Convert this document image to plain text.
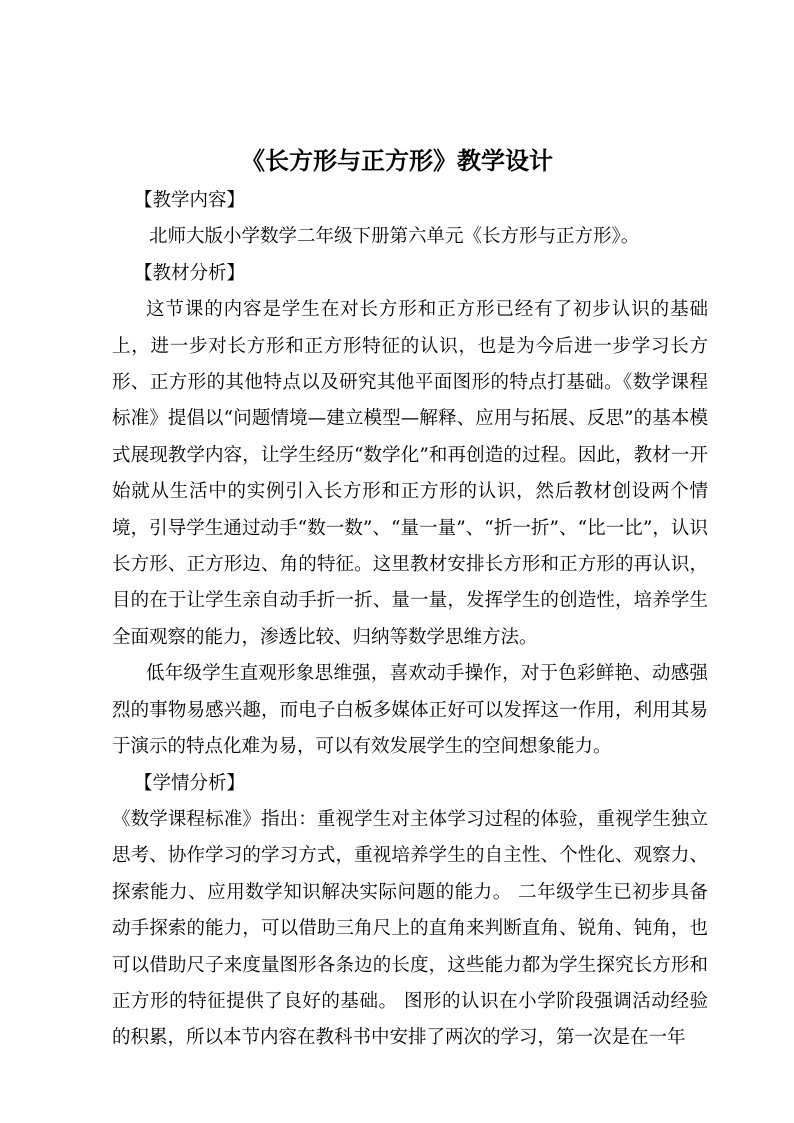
《长方形与正方形》教学设计

【教学内容】

北师大版小学数学二年级下册第六单元《长方形与正方形》。

【教材分析】

这节课的内容是学生在对长方形和正方形已经有了初步认识的基础上，进一步对长方形和正方形特征的认识，也是为今后进一步学习长方形、正方形的其他特点以及研究其他平面图形的特点打基础。《数学课程标准》提倡以“问题情境—建立模型—解释、应用与拓展、反思”的基本模式展现教学内容，让学生经历“数学化”和再创造的过程。因此，教材一开始就从生活中的实例引入长方形和正方形的认识，然后教材创设两个情境，引导学生通过动手“数一数”、“量一量”、“折一折”、“比一比”，认识长方形、正方形边、角的特征。这里教材安排长方形和正方形的再认识，目的在于让学生亲自动手折一折、量一量，发挥学生的创造性，培养学生全面观察的能力，渗透比较、归纳等数学思维方法。

低年级学生直观形象思维强，喜欢动手操作，对于色彩鲜艳、动感强烈的事物易感兴趣，而电子白板多媒体正好可以发挥这一作用，利用其易于演示的特点化难为易，可以有效发展学生的空间想象能力。

【学情分析】

《数学课程标准》指出：重视学生对主体学习过程的体验，重视学生独立思考、协作学习的学习方式，重视培养学生的自主性、个性化、观察力、探索能力、应用数学知识解决实际问题的能力。 二年级学生已初步具备动手探索的能力，可以借助三角尺上的直角来判断直角、锐角、钝角，也可以借助尺子来度量图形各条边的长度，这些能力都为学生探究长方形和正方形的特征提供了良好的基础。 图形的认识在小学阶段强调活动经验的积累，所以本节内容在教科书中安排了两次的学习，第一次是在一年
